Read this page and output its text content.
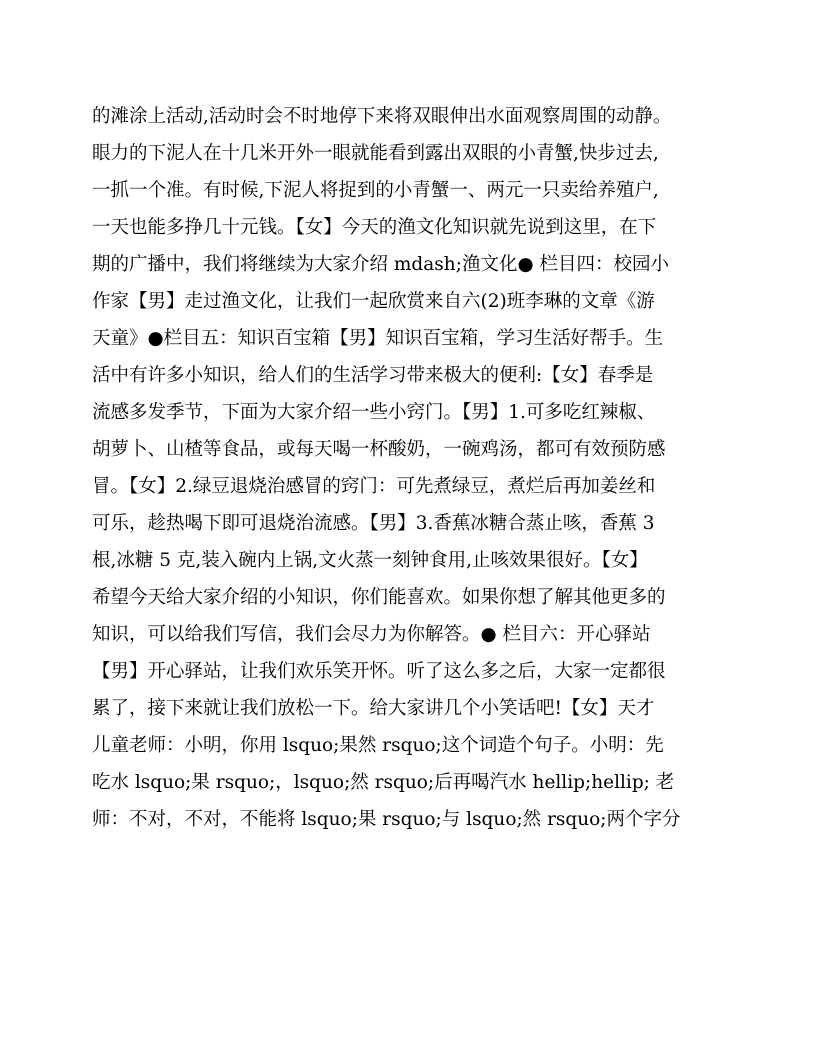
的滩涂上活动,活动时会不时地停下来将双眼伸出水面观察周围的动静。
眼力的下泥人在十几米开外一眼就能看到露出双眼的小青蟹,快步过去,
一抓一个准。有时候,下泥人将捉到的小青蟹一、两元一只卖给养殖户,
一天也能多挣几十元钱。【女】今天的渔文化知识就先说到这里，在下
期的广播中，我们将继续为大家介绍 mdash;渔文化● 栏目四：校园小
作家【男】走过渔文化，让我们一起欣赏来自六(2)班李琳的文章《游
天童》●栏目五：知识百宝箱【男】知识百宝箱，学习生活好帮手。生
活中有许多小知识，给人们的生活学习带来极大的便利:【女】春季是
流感多发季节，下面为大家介绍一些小窍门。【男】1.可多吃红辣椒、
胡萝卜、山楂等食品，或每天喝一杯酸奶，一碗鸡汤，都可有效预防感
冒。【女】2.绿豆退烧治感冒的窍门：可先煮绿豆，煮烂后再加姜丝和
可乐，趁热喝下即可退烧治流感。【男】3.香蕉冰糖合蒸止咳，香蕉 3
根,冰糖 5 克,装入碗内上锅,文火蒸一刻钟食用,止咳效果很好。【女】
希望今天给大家介绍的小知识，你们能喜欢。如果你想了解其他更多的
知识，可以给我们写信，我们会尽力为你解答。● 栏目六：开心驿站
【男】开心驿站，让我们欢乐笑开怀。听了这么多之后，大家一定都很
累了，接下来就让我们放松一下。给大家讲几个小笑话吧!【女】天才
儿童老师：小明，你用 lsquo;果然 rsquo;这个词造个句子。小明：先
吃水 lsquo;果 rsquo;，lsquo;然 rsquo;后再喝汽水 hellip;hellip; 老
师：不对，不对，不能将 lsquo;果 rsquo;与 lsquo;然 rsquo;两个字分
